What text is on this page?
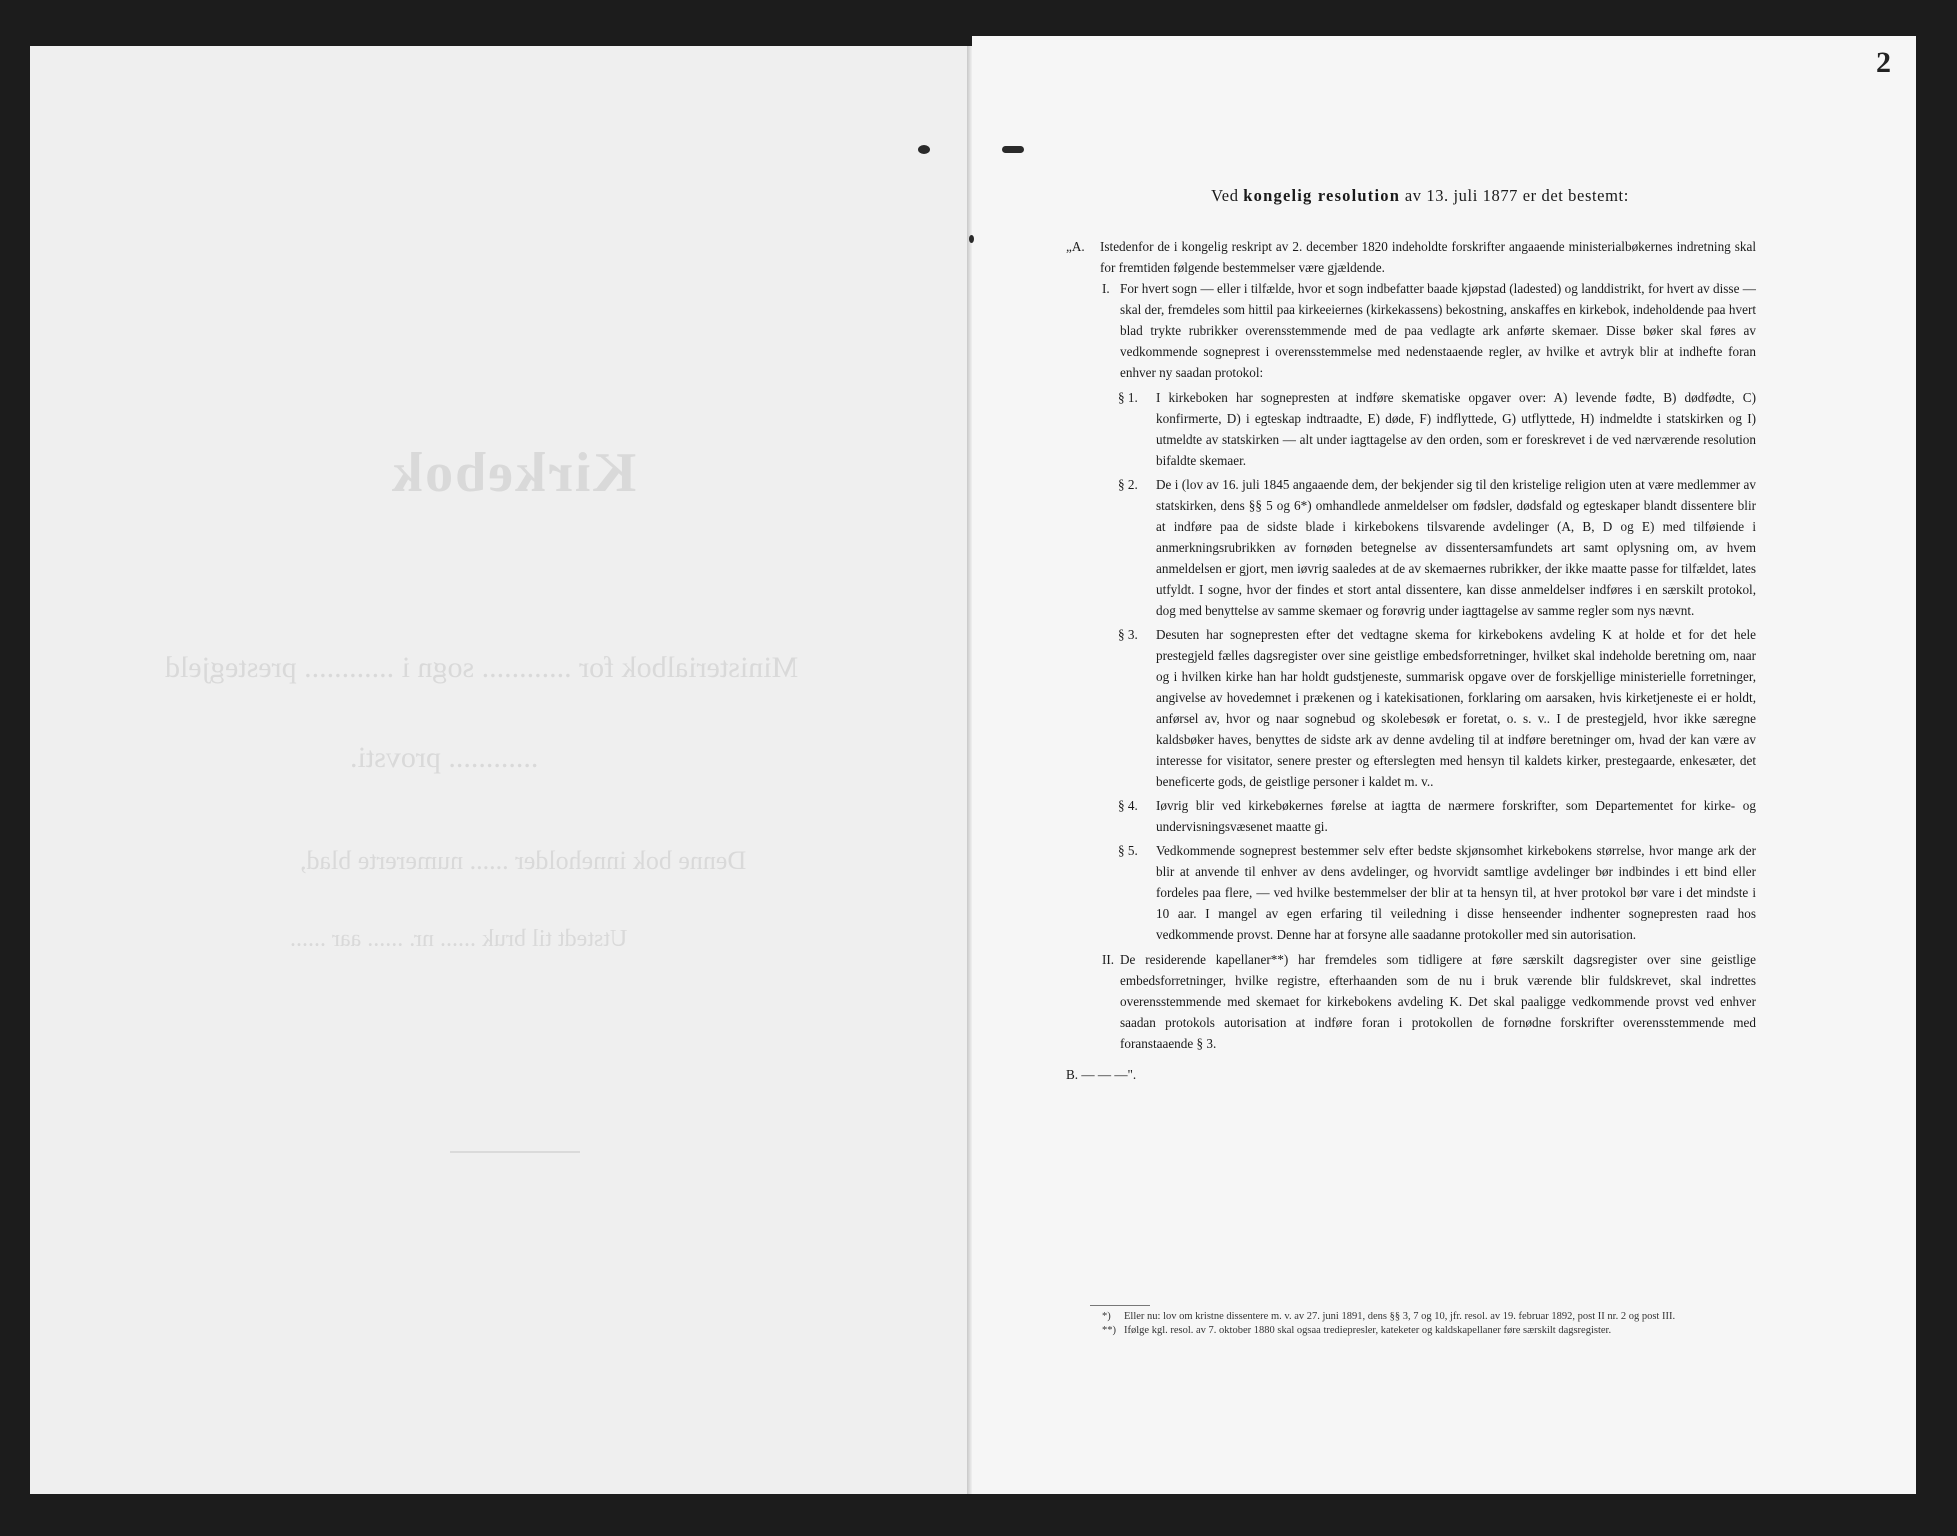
Kirkebok
Ministerialbok for ............ sogn i ............ prestegjeld
............ provsti.
Denne bok inneholder ...... numererte blad,
Utstedt til bruk ...... nr. ...... aar ......
2
Ved kongelig resolution av 13. juli 1877 er det bestemt:
„A. Istedenfor de i kongelig reskript av 2. december 1820 indeholdte forskrifter angaaende ministerialbøkernes indretning skal for fremtiden følgende bestemmelser være gjældende.
I. For hvert sogn — eller i tilfælde, hvor et sogn indbefatter baade kjøpstad (ladested) og landdistrikt, for hvert av disse — skal der, fremdeles som hittil paa kirkeeiernes (kirkekassens) bekostning, anskaffes en kirkebok, indeholdende paa hvert blad trykte rubrikker overensstemmende med de paa vedlagte ark anførte skemaer. Disse bøker skal føres av vedkommende sogneprest i overensstemmelse med nedenstaaende regler, av hvilke et avtryk blir at indhefte foran enhver ny saadan protokol:
§ 1. I kirkeboken har sognepresten at indføre skematiske opgaver over: A) levende fødte, B) dødfødte, C) konfirmerte, D) i egteskap indtraadte, E) døde, F) indflyttede, G) utflyttede, H) indmeldte i statskirken og I) utmeldte av statskirken — alt under iagttagelse av den orden, som er foreskrevet i de ved nærværende resolution bifaldte skemaer.
§ 2. De i (lov av 16. juli 1845 angaaende dem, der bekjender sig til den kristelige religion uten at være medlemmer av statskirken, dens §§ 5 og 6*) omhandlede anmeldelser om fødsler, dødsfald og egteskaper blandt dissentere blir at indføre paa de sidste blade i kirkebokens tilsvarende avdelinger (A, B, D og E) med tilføiende i anmerkningsrubrikken av fornøden betegnelse av dissentersamfundets art samt oplysning om, av hvem anmeldelsen er gjort, men iøvrig saaledes at de av skemaernes rubrikker, der ikke maatte passe for tilfældet, lates utfyldt. I sogne, hvor der findes et stort antal dissentere, kan disse anmeldelser indføres i en særskilt protokol, dog med benyttelse av samme skemaer og forøvrig under iagttagelse av samme regler som nys nævnt.
§ 3. Desuten har sognepresten efter det vedtagne skema for kirkebokens avdeling K at holde et for det hele prestegjeld fælles dagsregister over sine geistlige embedsforretninger, hvilket skal indeholde beretning om, naar og i hvilken kirke han har holdt gudstjeneste, summarisk opgave over de forskjellige ministerielle forretninger, angivelse av hovedemnet i prækenen og i katekisationen, forklaring om aarsaken, hvis kirketjeneste ei er holdt, anførsel av, hvor og naar sognebud og skolebesøk er foretat, o. s. v.. I de prestegjeld, hvor ikke særegne kaldsbøker haves, benyttes de sidste ark av denne avdeling til at indføre beretninger om, hvad der kan være av interesse for visitator, senere prester og efterslegten med hensyn til kaldets kirker, prestegaarde, enkesæter, det beneficerte gods, de geistlige personer i kaldet m. v..
§ 4. Iøvrig blir ved kirkebøkernes førelse at iagtta de nærmere forskrifter, som Departementet for kirke- og undervisningsvæsenet maatte gi.
§ 5. Vedkommende sogneprest bestemmer selv efter bedste skjønsomhet kirkebokens størrelse, hvor mange ark der blir at anvende til enhver av dens avdelinger, og hvorvidt samtlige avdelinger bør indbindes i ett bind eller fordeles paa flere, — ved hvilke bestemmelser der blir at ta hensyn til, at hver protokol bør vare i det mindste i 10 aar. I mangel av egen erfaring til veiledning i disse henseender indhenter sognepresten raad hos vedkommende provst. Denne har at forsyne alle saadanne protokoller med sin autorisation.
II. De residerende kapellaner**) har fremdeles som tidligere at føre særskilt dagsregister over sine geistlige embedsforretninger, hvilke registre, efterhaanden som de nu i bruk værende blir fuldskrevet, skal indrettes overensstemmende med skemaet for kirkebokens avdeling K. Det skal paaligge vedkommende provst ved enhver saadan protokols autorisation at indføre foran i protokollen de fornødne forskrifter overensstemmende med foranstaaende § 3.
B. — — —".
*) Eller nu: lov om kristne dissentere m. v. av 27. juni 1891, dens §§ 3, 7 og 10, jfr. resol. av 19. februar 1892, post II nr. 2 og post III.
**) Ifølge kgl. resol. av 7. oktober 1880 skal ogsaa trediepresler, kateketer og kaldskapellaner føre særskilt dagsregister.
